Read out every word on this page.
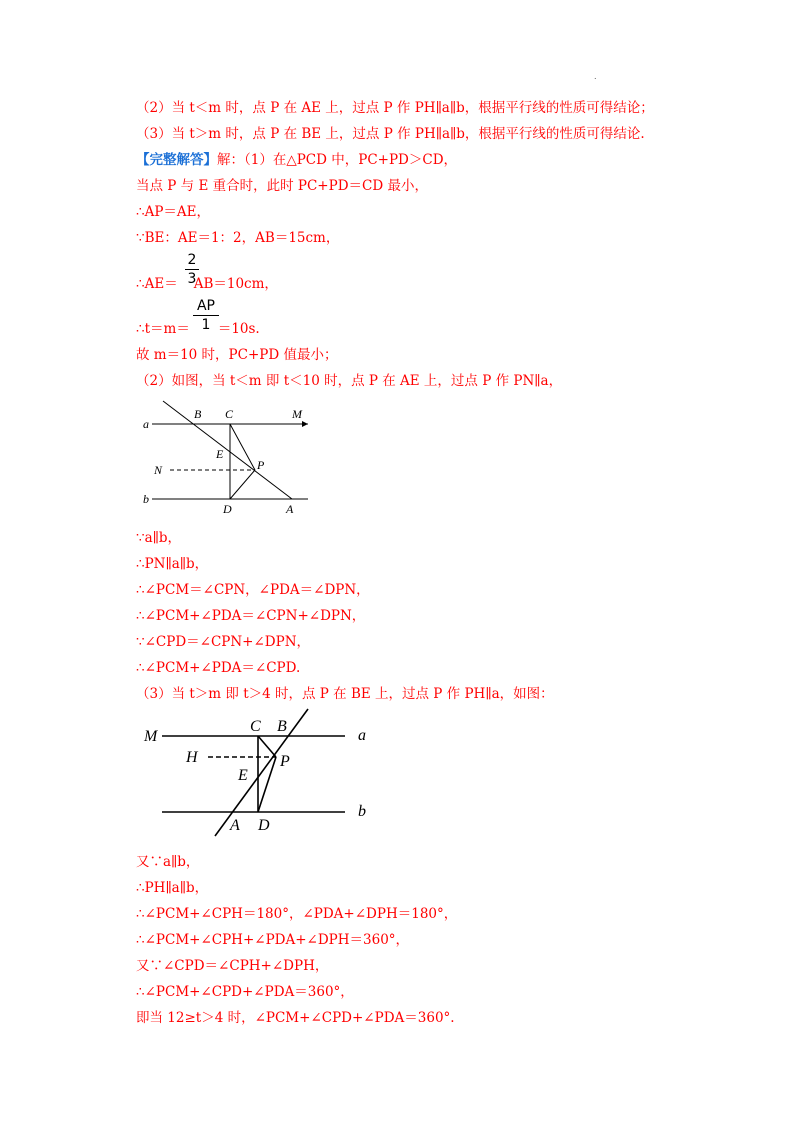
.
（2）当 t＜m 时，点 P 在 AE 上，过点 P 作 PH∥a∥b，根据平行线的性质可得结论；
（3）当 t＞m 时，点 P 在 BE 上，过点 P 作 PH∥a∥b，根据平行线的性质可得结论.
【完整解答】解：（1）在△PCD 中，PC+PD＞CD，
当点 P 与 E 重合时，此时 PC+PD＝CD 最小，
∴AP＝AE，
∵BE：AE＝1：2，AB＝15cm，
∴AE＝ AB＝10cm，
2
3
∴t＝m＝ ＝10s.
AP
1
故 m＝10 时，PC+PD 值最小；
（2）如图，当 t＜m 即 t＜10 时，点 P 在 AE 上，过点 P 作 PN∥a，
a
b
B C	M
E
N	P
D	A
∵a∥b，
∴PN∥a∥b，
∴∠PCM＝∠CPN，∠PDA＝∠DPN，
∴∠PCM+∠PDA＝∠CPN+∠DPN，
∵∠CPD＝∠CPN+∠DPN，
∴∠PCM+∠PDA＝∠CPD.
（3）当 t＞m 即 t＞4 时，点 P 在 BE 上，过点 P 作 PH∥a，如图：
M
C B
a
H	P
E
A D
b
又∵a∥b，
∴PH∥a∥b，
∴∠PCM+∠CPH＝180°，∠PDA+∠DPH＝180°，
∴∠PCM+∠CPH+∠PDA+∠DPH＝360°，
又∵∠CPD＝∠CPH+∠DPH，
∴∠PCM+∠CPD+∠PDA＝360°，
即当 12≥t＞4 时，∠PCM+∠CPD+∠PDA＝360°.
